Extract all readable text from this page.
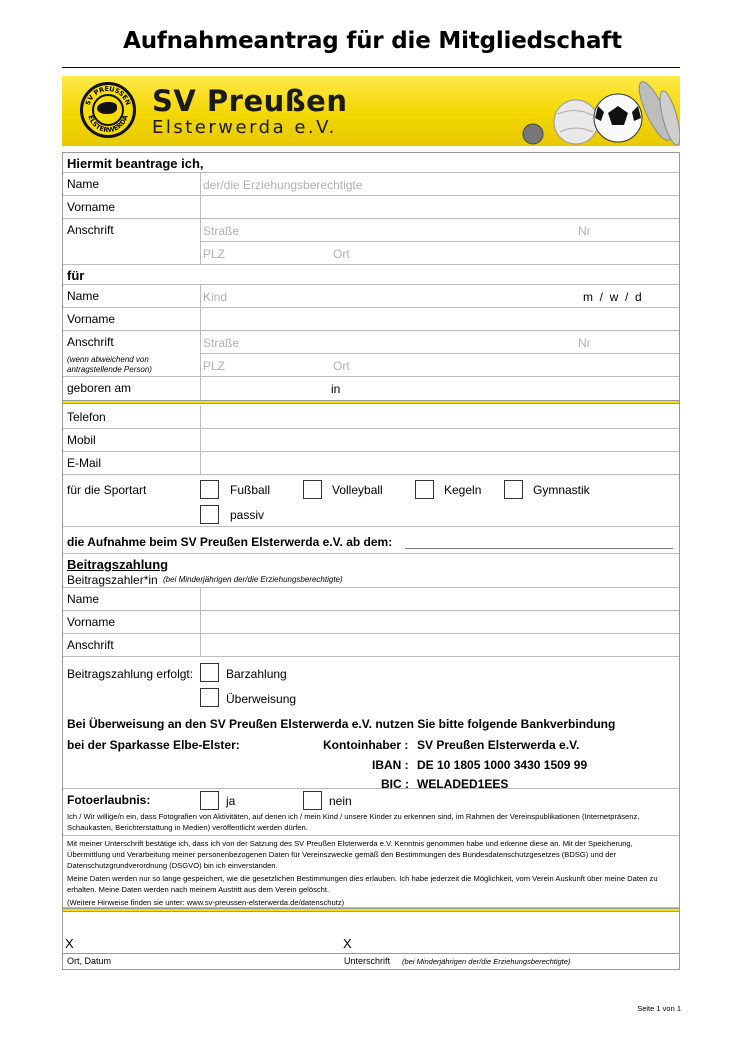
Aufnahmeantrag für die Mitgliedschaft
SV PREUSSEN
ELSTERWERDA SV Preußen
Elsterwerda e.V.
Hiermit beantrage ich,
Name	der/die Erziehungsberechtigte
Vorname
Anschrift	Straße	Nr
PLZ	Ort
für
Name	Kind	m  /  w  /  d
Vorname
Anschrift	Straße	Nr
(wenn abweichend von antragstellende Person)	PLZ	Ort
geboren am	in
Telefon
Mobil
E-Mail
für die Sportart	Fußball	Volleyball	Kegeln	Gymnastik
passiv
die Aufnahme beim SV Preußen Elsterwerda e.V. ab dem:
Beitragszahlung
Beitragszahler*in (bei Minderjährigen der/die Erziehungsberechtigte)
Name
Vorname
Anschrift
Beitragszahlung erfolgt:	Barzahlung
Überweisung
Bei Überweisung an den SV Preußen Elsterwerda e.V. nutzen Sie bitte folgende Bankverbindung
bei der Sparkasse Elbe-Elster:	Kontoinhaber : SV Preußen Elsterwerda e.V.
IBAN : DE 10 1805 1000 3430 1509 99
BIC : WELADED1EES
Fotoerlaubnis:	ja	nein
Ich / Wir willige/n ein, dass Fotografien von Aktivitäten, auf denen ich / mein Kind / unsere Kinder zu erkennen sind, im Rahmen der Vereinspublikationen (Internetpräsenz, Schaukasten, Berichterstattung in Medien) veröffentlicht werden dürfen.
Mit meiner Unterschrift bestätige ich, dass ich von der Satzung des SV Preußen Elsterwerda e.V. Kenntnis genommen habe und erkenne diese an. Mit der Speicherung, Übermittlung und Verarbeitung meiner personenbezogenen Daten für Vereinszwecke gemäß den Bestimmungen des Bundesdatenschutzgesetzes (BDSG) und der Datenschutzgrundverordnung (DSGVO) bin ich einverstanden.
Meine Daten werden nur so lange gespeichert, wie die gesetzlichen Bestimmungen dies erlauben. Ich habe jederzeit die Möglichkeit, vom Verein Auskunft über meine Daten zu erhalten. Meine Daten werden nach meinem Austritt aus dem Verein gelöscht.
(Weitere Hinweise finden sie unter: www.sv-preussen-elsterwerda.de/datenschutz)
X	X
Ort, Datum	Unterschrift (bei Minderjährigen der/die Erziehungsberechtigte)
Seite 1 von 1
